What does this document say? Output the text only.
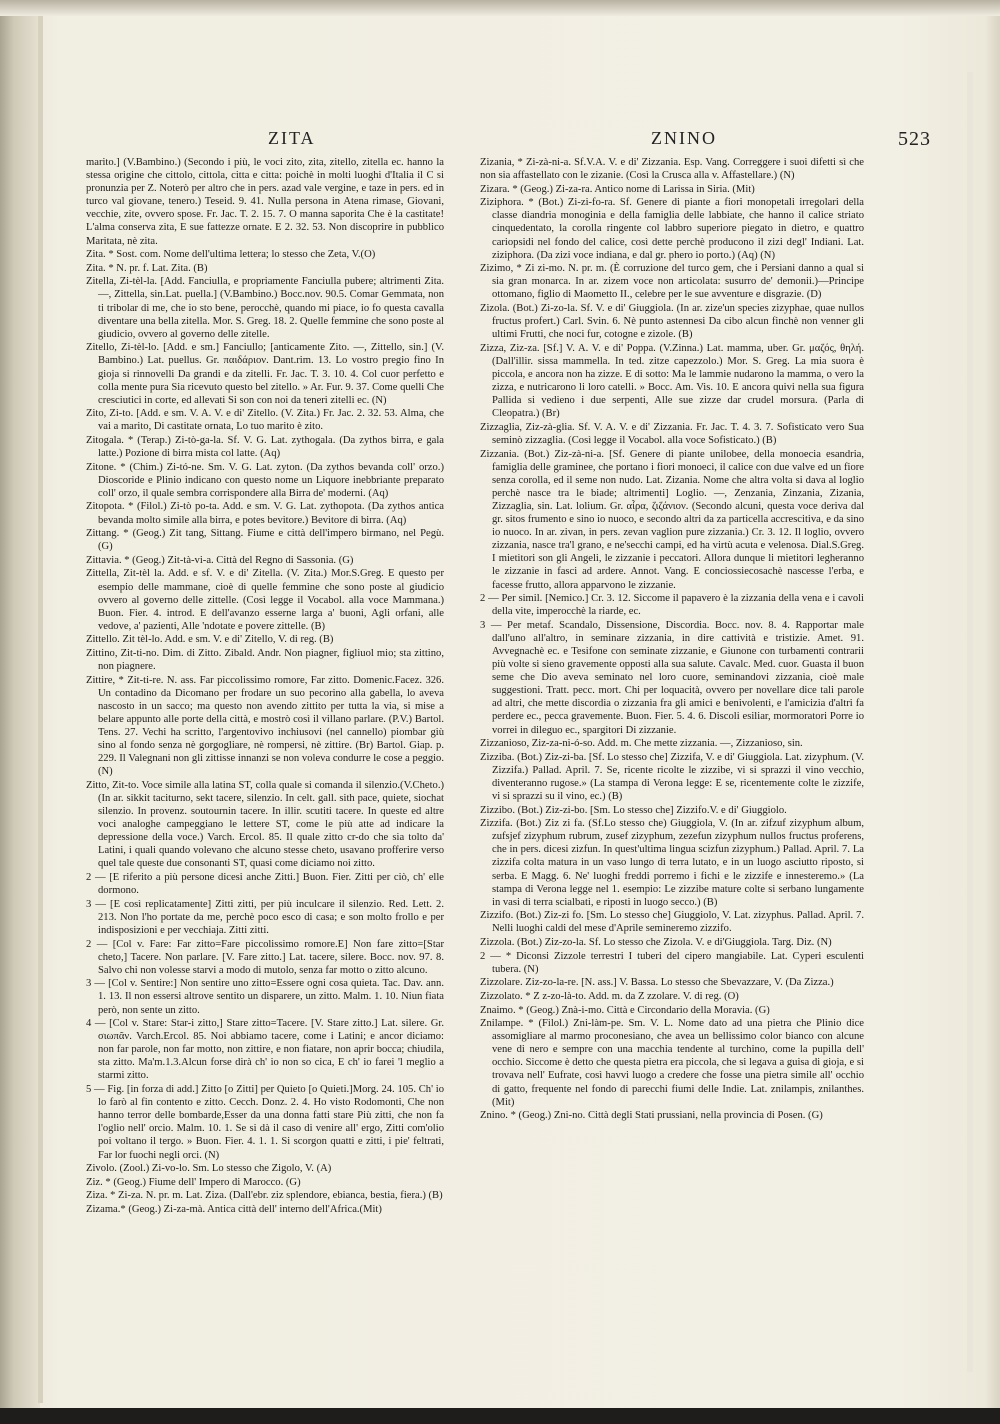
ZITA	ZNINO	523
marito.] (V.Bambino.) (Secondo i più, le voci zito, zita, zitello, zitella ec. hanno la stessa origine che cittolo, cittola, citta e citta: poichè in molti luoghi d'Italia il C si pronunzia per Z. Noterò per altro che in pers. azad vale vergine, e taze in pers. ed in turco val giovane, tenero.) Teseid. 9. 41. Nulla persona in Atena rimase, Giovani, vecchie, zite, ovvero spose. Fr. Jac. T. 2. 15. 7. O manna saporita Che è la castitate! L'alma conserva zita, E sue fattezze ornate. E 2. 32. 53. Non discoprire in pubblico Maritata, nè zita.
Zita. * Sost. com. Nome dell'ultima lettera; lo stesso che Zeta, V.(O)
Zita. * N. pr. f. Lat. Zita. (B)
Zitella, Zi-tèl-la. [Add. Fanciulla, e propriamente Fanciulla pubere; altrimenti Zita.—, Zittella, sin.Lat. puella.] (V.Bambino.) Bocc.nov. 90.5. Comar Gemmata, non ti tribolar di me, che io sto bene, perocchè, quando mi piace, io fo questa cavalla diventare una bella zitella. Mor. S. Greg. 18. 2. Quelle femmine che sono poste al giudicio, ovvero al governo delle zitelle.
Zitello, Zi-tèl-lo. [Add. e sm.] Fanciullo; [anticamente Zito. —, Zittello, sin.] (V. Bambino.) Lat. puellus. Gr. παιδάριον. Dant.rim. 13. Lo vostro pregio fino In gioja si rinnovelli Da grandi e da zitelli. Fr. Jac. T. 3. 10. 4. Col cuor perfetto e colla mente pura Sia ricevuto questo bel zitello. » Ar. Fur. 9. 37. Come quelli Che cresciutici in corte, ed allevati Si son con noi da teneri zitelli ec. (N)
Zito, Zi-to. [Add. e sm. V. A. V. e di' Zitello. (V. Zita.) Fr. Jac. 2. 32. 53. Alma, che vai a marito, Di castitate ornata, Lo tuo marito è zito.
Zitogala. * (Terap.) Zi-tò-ga-la. Sf. V. G. Lat. zythogala. (Da zythos birra, e gala latte.) Pozione di birra mista col latte. (Aq)
Zitone. * (Chim.) Zi-tó-ne. Sm. V. G. Lat. zyton. (Da zythos bevanda coll' orzo.) Dioscoride e Plinio indicano con questo nome un Liquore inebbriante preparato coll' orzo, il quale sembra corrispondere alla Birra de' moderni. (Aq)
Zitopota. * (Filol.) Zi-tò po-ta. Add. e sm. V. G. Lat. zythopota. (Da zythos antica bevanda molto simile alla birra, e potes bevitore.) Bevitore di birra. (Aq)
Zittang. * (Geog.) Zit tang, Sittang. Fiume e città dell'impero birmano, nel Pegù. (G)
Zittavia. * (Geog.) Zit-tà-vi-a. Città del Regno di Sassonia. (G)
Zittella, Zit-tèl la. Add. e sf. V. e di' Zitella. (V. Zita.) Mor.S.Greg. E questo per esempio delle mammane, cioè di quelle femmine che sono poste al giudicio ovvero al governo delle zittelle. (Così legge il Vocabol. alla voce Mammana.) Buon. Fier. 4. introd. E dell'avanzo esserne larga a' buoni, Agli orfani, alle vedove, a' pazienti, Alle 'ndotate e povere zittelle. (B)
Zittello. Zit tèl-lo. Add. e sm. V. e di' Zitello, V. di reg. (B)
Zittino, Zit-ti-no. Dim. di Zitto. Zibald. Andr. Non piagner, figliuol mio; sta zittino, non piagnere.
Zittire, * Zit-ti-re. N. ass. Far piccolissimo romore, Far zitto. Domenic.Facez. 326. Un contadino da Dicomano per frodare un suo pecorino alla gabella, lo aveva nascosto in un sacco; ma questo non avendo zittito per tutta la via, si mise a belare appunto alle porte della città, e mostrò così il villano parlare. (P.V.) Bartol. Tens. 27. Vechi ha scritto, l'argentovivo inchiusovi (nel cannello) piombar giù sino al fondo senza nè gorgogliare, nè rompersi, nè zittire. (Br) Bartol. Giap. p. 229. Il Valegnani non gli zittisse innanzi se non voleva condurre le cose a peggio. (N)
Zitto, Zit-to. Voce simile alla latina ST, colla quale si comanda il silenzio.(V.Cheto.) (In ar. sikkit taciturno, sekt tacere, silenzio. In celt. gall. sith pace, quiete, siochat silenzio. In provenz. soutournin tacere. In illir. scutiti tacere. In queste ed altre voci analoghe campeggiano le lettere ST, come le più atte ad indicare la depressione della voce.) Varch. Ercol. 85. Il quale zitto cr-do che sia tolto da' Latini, i quali quando volevano che alcuno stesse cheto, usavano profferire verso quel tale queste due consonanti ST, quasi come diciamo noi zitto.
2 — [E riferito a più persone dicesi anche Zitti.] Buon. Fier. Zitti per ciò, ch' elle dormono.
3 — [E così replicatamente] Zitti zitti, per più inculcare il silenzio. Red. Lett. 2. 213. Non l'ho portate da me, perchè poco esco di casa; e son molto frollo e per indisposizioni e per vecchiaja. Zitti zitti.
2 — [Col v. Fare: Far zitto=Fare piccolissimo romore.E] Non fare zitto=[Star cheto,] Tacere. Non parlare. [V. Fare zitto.] Lat. tacere, silere. Bocc. nov. 97. 8. Salvo chi non volesse starvi a modo di mutolo, senza far motto o zitto alcuno.
3 — [Col v. Sentire:] Non sentire uno zitto=Essere ogni cosa quieta. Tac. Dav. ann. 1. 13. Il non essersi altrove sentito un disparere, un zitto. Malm. 1. 10. Niun fiata però, non sente un zitto.
4 — [Col v. Stare: Star-i zitto,] Stare zitto=Tacere. [V. Stare zitto.] Lat. silere. Gr. σιωπᾶν. Varch.Ercol. 85. Noi abbiamo tacere, come i Latini; e ancor diciamo: non far parole, non far motto, non zittire, e non fiatare, non aprir bocca; chiudila, sta zitto. Ma'm.1.3.Alcun forse dirà ch' io non so cica, E ch' io farei 'l meglio a starmi zitto.
5 — Fig. [in forza di add.] Zitto [o Zitti] per Quieto [o Quieti.]Morg. 24. 105. Ch' io lo farò al fin contento e zitto. Cecch. Donz. 2. 4. Ho visto Rodomonti, Che non hanno terror delle bombarde,Esser da una donna fatti stare Più zitti, che non fa l'oglio nell' orcio. Malm. 10. 1. Se si dà il caso di venire all' ergo, Zitti com'olio poi voltano il tergo. » Buon. Fier. 4. 1. 1. Si scorgon quatti e zitti, i pie' feltrati, Far lor fuochi negli orci. (N)
Zivolo. (Zool.) Zi-vo-lo. Sm. Lo stesso che Zigolo, V. (A)
Ziz. * (Geog.) Fiume dell' Impero di Marocco. (G)
Ziza. * Zi-za. N. pr. m. Lat. Ziza. (Dall'ebr. ziz splendore, ebianca, bestia, fiera.) (B)
Zizama.* (Geog.) Zi-za-mà. Antica città dell' interno dell'Africa.(Mit)
Zizania, * Zi-zà-ni-a. Sf.V.A. V. e di' Zizzania. Esp. Vang. Correggere i suoi difetti sì che non sia affastellato con le zizanie. (Così la Crusca alla v. Affastellare.) (N)
Zizara. * (Geog.) Zi-za-ra. Antico nome di Larissa in Siria. (Mit)
Ziziphora. * (Bot.) Zi-zi-fo-ra. Sf. Genere di piante a fiori monopetali irregolari della classe diandria monoginia e della famiglia delle labbiate, che hanno il calice striato cinquedentato, la corolla ringente col labbro superiore piegato in dietro, e quattro cariopsidi nel fondo del calice, così dette perchè producono il zizi degl' Indiani. Lat. ziziphora. (Da zizi voce indiana, e dal gr. phero io porto.) (Aq) (N)
Zizimo, * Zi zi-mo. N. pr. m. (È corruzione del turco gem, che i Persiani danno a qual si sia gran monarca. In ar. zizem voce non articolata: susurro de' demonii.)—Principe ottomano, figlio di Maometto II., celebre per le sue avventure e disgrazie. (D)
Zizola. (Bot.) Zi-zo-la. Sf. V. e di' Giuggiola. (In ar. zize'un species zizyphae, quae nullos fructus profert.) Carl. Svin. 6. Nè punto astennesi Da cibo alcun finchè non venner gli ultimi Frutti, che noci fur, cotogne e zizole. (B)
Zizza, Ziz-za. [Sf.] V. A. V. e di' Poppa. (V.Zinna.) Lat. mamma, uber. Gr. μαζός, θηλή. (Dall'illir. sissa mammella. In ted. zitze capezzolo.) Mor. S. Greg. La mia suora è piccola, e ancora non ha zizze. E di sotto: Ma le lammie nudarono la mamma, o vero la zizza, e nutricarono li loro catelli. » Bocc. Am. Vis. 10. E ancora quivi nella sua figura Pallida si vedieno i due serpenti, Alle sue zizze dar crudel morsura. (Parla di Cleopatra.) (Br)
Zizzaglia, Ziz-zà-glia. Sf. V. A. V. e di' Zizzania. Fr. Jac. T. 4. 3. 7. Sofisticato vero Sua seminò zizzaglia. (Così legge il Vocabol. alla voce Sofisticato.) (B)
Zizzania. (Bot.) Ziz-zà-ni-a. [Sf. Genere di piante unilobee, della monoecia esandria, famiglia delle graminee, che portano i fiori monoeci, il calice con due valve ed un fiore senza corolla, ed il seme non nudo. Lat. Zizania. Nome che altra volta si dava al loglio perchè nasce tra le biade; altrimenti] Loglio. —, Zenzania, Zinzania, Zizania, Zizzaglia, sin. Lat. lolium. Gr. αἶρα, ζιζάνιον. (Secondo alcuni, questa voce deriva dal gr. sitos frumento e sino io nuoco, e secondo altri da za particella accrescitiva, e da sino io nuoco. In ar. zivan, in pers. zevan vaglion pure zizzania.) Cr. 3. 12. Il loglio, ovvero zizzania, nasce tra'l grano, e ne'secchi campi, ed ha virtù acuta e velenosa. Dial.S.Greg. I mietitori son gli Angeli, le zizzanie i peccatori. Allora dunque li mietitori legheranno le zizzanie in fasci ad ardere. Annot. Vang. E conciossiecosachè nascesse l'erba, e facesse frutto, allora apparvono le zizzanie.
2 — Per simil. [Nemico.] Cr. 3. 12. Siccome il papavero è la zizzania della vena e i cavoli della vite, imperocchè la riarde, ec.
3 — Per metaf. Scandalo, Dissensione, Discordia. Bocc. nov. 8. 4. Rapportar male dall'uno all'altro, in seminare zizzania, in dire cattività e tristizie. Amet. 91. Avvegnachè ec. e Tesifone con seminate zizzanie, e Giunone con turbamenti contrarii più volte si sieno gravemente opposti alla sua salute. Cavalc. Med. cuor. Guasta il buon seme che Dio aveva seminato nel loro cuore, seminandovi zizzania, cioè male suggestioni. Tratt. pecc. mort. Chi per loquacità, ovvero per novellare dice tali parole ad altri, che mette discordia o zizzania fra gli amici e benivolenti, e l'amicizia d'altri fa perdere ec., pecca gravemente. Buon. Fier. 5. 4. 6. Discoli esiliar, mormoratori Porre io vorrei in dileguo ec., spargitori Di zizzanie.
Zizzanioso, Ziz-za-ni-ó-so. Add. m. Che mette zizzania. —, Zizzanioso, sin.
Zizziba. (Bot.) Ziz-zi-ba. [Sf. Lo stesso che] Zizzifa, V. e di' Giuggiola. Lat. zizyphum. (V. Zizzifa.) Pallad. April. 7. Se, ricente ricolte le zizzibe, vi si sprazzi il vino vecchio, diventeranno rugose.» (La stampa di Verona legge: E se, ricentemente colte le zizzife, vi si sprazzi su il vino, ec.) (B)
Zizzibo. (Bot.) Ziz-zi-bo. [Sm. Lo stesso che] Zizzifo.V. e di' Giuggiolo.
Zizzifa. (Bot.) Ziz zi fa. (Sf.Lo stesso che) Giuggiola, V. (In ar. zifzuf zizyphum album, zufsjef zizyphum rubrum, zusef zizyphum, zezefun zizyphum nullos fructus proferens, che in pers. dicesi zizfun. In quest'ultima lingua scizfun zizyphum.) Pallad. April. 7. La zizzifa colta matura in un vaso lungo di terra lutato, e in un luogo asciutto riposto, si serba. E Magg. 6. Ne' luoghi freddi porremo i fichi e le zizzife e innesteremo.» (La stampa di Verona legge nel 1. esempio: Le zizzibe mature colte si serbano lungamente in vasi di terra scialbati, e riposti in luogo secco.) (B)
Zizzifo. (Bot.) Ziz-zi fo. [Sm. Lo stesso che] Giuggiolo, V. Lat. zizyphus. Pallad. April. 7. Nelli luoghi caldi del mese d'Aprile semineremo zizzifo.
Zizzola. (Bot.) Ziz-zo-la. Sf. Lo stesso che Zizola. V. e di'Giuggiola. Targ. Diz. (N)
2 — * Diconsi Zizzole terrestri I tuberi del cipero mangiabile. Lat. Cyperi esculenti tubera. (N)
Zizzolare. Ziz-zo-la-re. [N. ass.] V. Bassa. Lo stesso che Sbevazzare, V. (Da Zizza.)
Zizzolato. * Z z-zo-là-to. Add. m. da Z zzolare. V. di reg. (O)
Znaimo. * (Geog.) Znà-i-mo. Città e Circondario della Moravia. (G)
Znilampe. * (Filol.) Zni-làm-pe. Sm. V. L. Nome dato ad una pietra che Plinio dice assomigliare al marmo proconesiano, che avea un bellissimo color bianco con alcune vene di nero e sempre con una macchia tendente al turchino, come la pupilla dell' occhio. Siccome è detto che questa pietra era piccola, che si legava a guisa di gioja, e si trovava nell' Eufrate, così havvi luogo a credere che fosse una pietra simile all' occhio di gatto, frequente nel fondo di parecchi fiumi delle Indie. Lat. znilampis, znilanthes. (Mit)
Znino. * (Geog.) Zni-no. Città degli Stati prussiani, nella provincia di Posen. (G)
